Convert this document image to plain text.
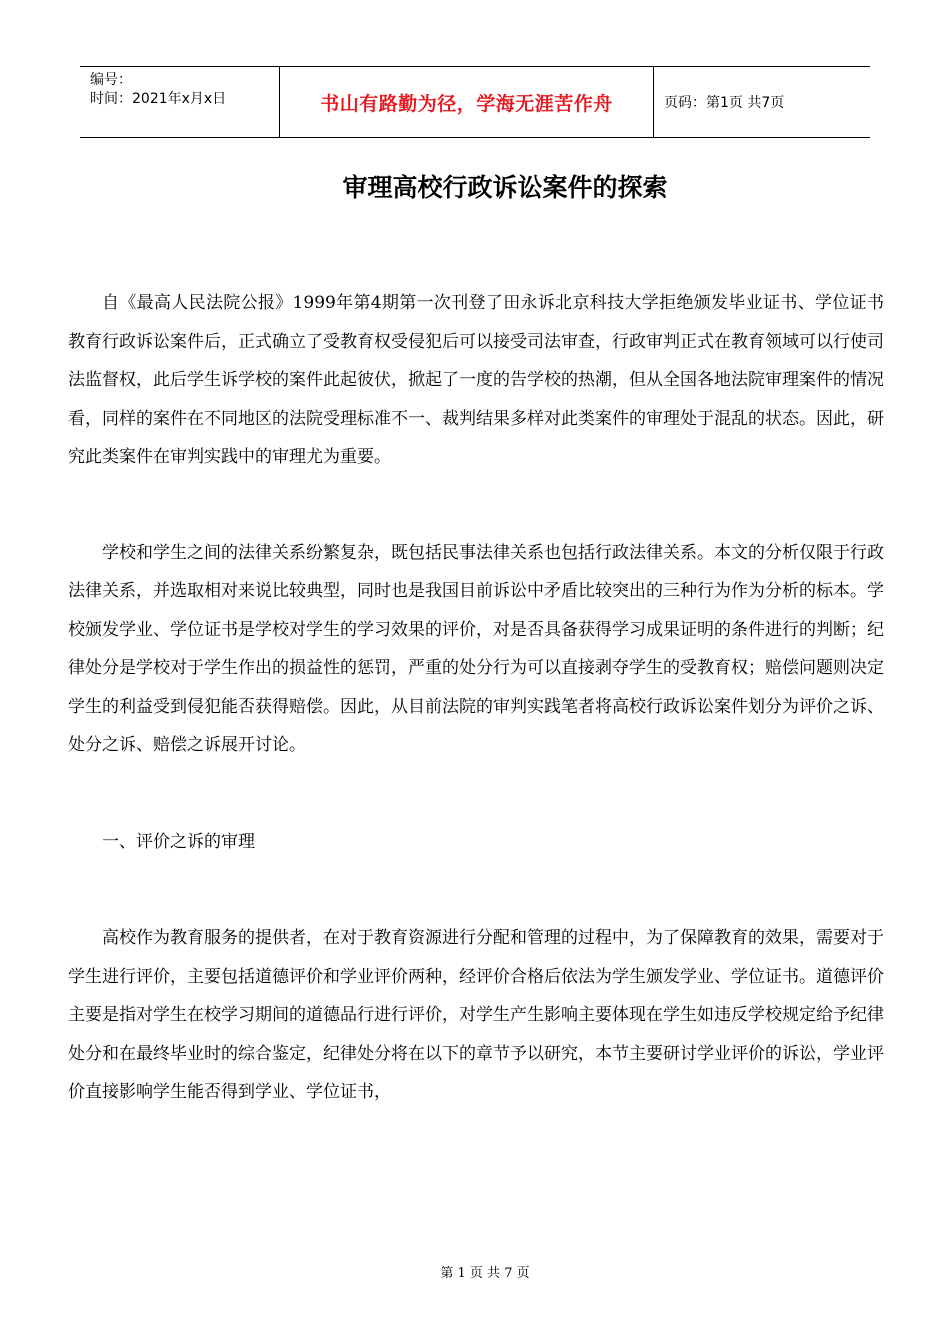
编号：
时间：2021年x月x日	书山有路勤为径，学海无涯苦作舟	页码：第1页 共7页
审理高校行政诉讼案件的探索

自《最高人民法院公报》1999年第4期第一次刊登了田永诉北京科技大学拒绝颁发毕业证书、学位证书教育行政诉讼案件后，正式确立了受教育权受侵犯后可以接受司法审查，行政审判正式在教育领域可以行使司法监督权，此后学生诉学校的案件此起彼伏，掀起了一度的告学校的热潮，但从全国各地法院审理案件的情况看，同样的案件在不同地区的法院受理标准不一、裁判结果多样对此类案件的审理处于混乱的状态。因此，研究此类案件在审判实践中的审理尤为重要。

学校和学生之间的法律关系纷繁复杂，既包括民事法律关系也包括行政法律关系。本文的分析仅限于行政法律关系，并选取相对来说比较典型，同时也是我国目前诉讼中矛盾比较突出的三种行为作为分析的标本。学校颁发学业、学位证书是学校对学生的学习效果的评价，对是否具备获得学习成果证明的条件进行的判断；纪律处分是学校对于学生作出的损益性的惩罚，严重的处分行为可以直接剥夺学生的受教育权；赔偿问题则决定学生的利益受到侵犯能否获得赔偿。因此，从目前法院的审判实践笔者将高校行政诉讼案件划分为评价之诉、处分之诉、赔偿之诉展开讨论。

一、评价之诉的审理

高校作为教育服务的提供者，在对于教育资源进行分配和管理的过程中，为了保障教育的效果，需要对于学生进行评价，主要包括道德评价和学业评价两种，经评价合格后依法为学生颁发学业、学位证书。道德评价主要是指对学生在校学习期间的道德品行进行评价，对学生产生影响主要体现在学生如违反学校规定给予纪律处分和在最终毕业时的综合鉴定，纪律处分将在以下的章节予以研究，本节主要研讨学业评价的诉讼，学业评价直接影响学生能否得到学业、学位证书，

第 1 页 共 7 页
